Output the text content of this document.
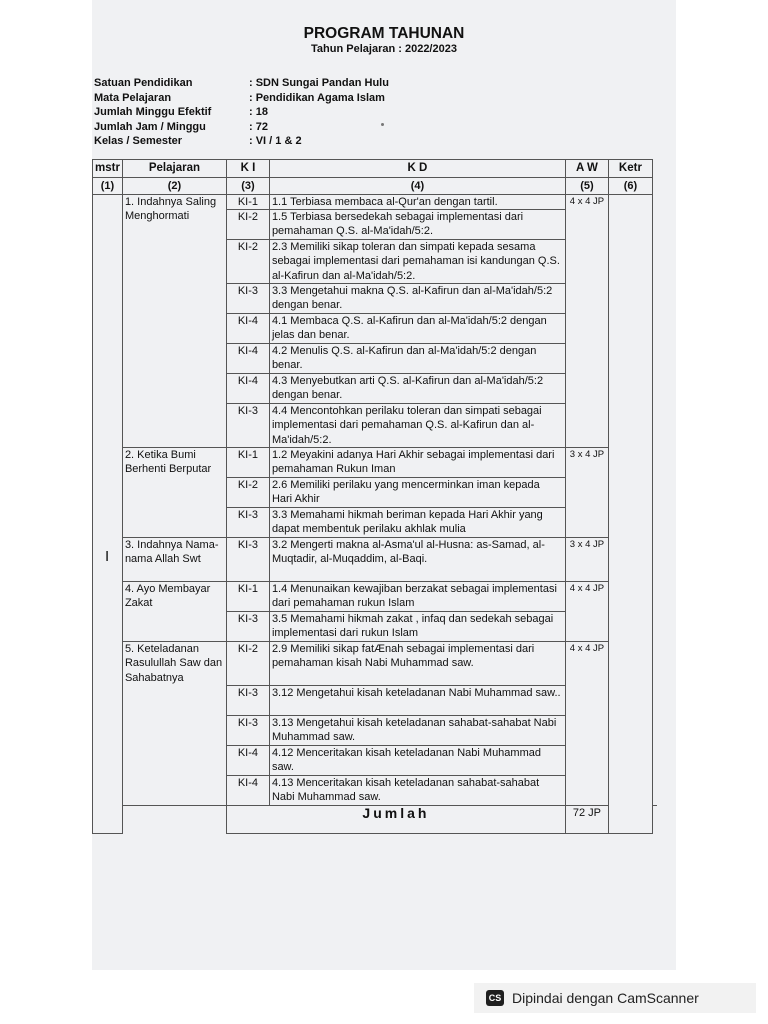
PROGRAM TAHUNAN
Tahun Pelajaran : 2022/2023
Satuan Pendidikan	: SDN Sungai Pandan Hulu
Mata Pelajaran	: Pendidikan Agama Islam
Jumlah Minggu Efektif	: 18
Jumlah Jam / Minggu	: 72
Kelas / Semester	: VI / 1 & 2
mstr	Pelajaran	K I	K D	A W	Ketr	
(1)	(2)	(3)	(4)	(5)	(6)	
	1. Indahnya Saling Menghormati	KI-1	1.1 Terbiasa membaca al-Qur'an dengan tartil.	4 x 4 JP		
		KI-2	1.5 Terbiasa bersedekah sebagai implementasi dari pemahaman Q.S. al-Ma'idah/5:2.			
		KI-2	2.3 Memiliki sikap toleran dan simpati kepada sesama sebagai implementasi dari pemahaman isi kandungan Q.S. al-Kafirun dan al-Ma'idah/5:2.			
		KI-3	3.3 Mengetahui makna Q.S. al-Kafirun dan al-Ma'idah/5:2 dengan benar.			
		KI-4	4.1 Membaca Q.S. al-Kafirun dan al-Ma'idah/5:2 dengan jelas dan benar.			
		KI-4	4.2 Menulis Q.S. al-Kafirun dan al-Ma'idah/5:2 dengan benar.			
		KI-4	4.3 Menyebutkan arti Q.S. al-Kafirun dan al-Ma'idah/5:2 dengan benar.			
		KI-3	4.4 Mencontohkan perilaku toleran dan simpati sebagai implementasi dari pemahaman Q.S. al-Kafirun dan al-Ma'idah/5:2.			
	2. Ketika Bumi Berhenti Berputar	KI-1	1.2 Meyakini adanya Hari Akhir sebagai implementasi dari pemahaman Rukun Iman	3 x 4 JP		
		KI-2	2.6 Memiliki perilaku yang mencerminkan iman kepada Hari Akhir			
		KI-3	3.3 Memahami hikmah beriman kepada Hari Akhir yang dapat membentuk perilaku akhlak mulia			
	3. Indahnya Nama-nama Allah Swt	KI-3	3.2 Mengerti makna al-Asma'ul al-Husna: as-Samad, al-Muqtadir, al-Muqaddim, al-Baqi.	3 x 4 JP		
	4. Ayo Membayar Zakat	KI-1	1.4 Menunaikan kewajiban berzakat sebagai implementasi dari pemahaman rukun Islam	4 x 4 JP		
		KI-3	3.5 Memahami hikmah zakat , infaq dan sedekah sebagai implementasi dari rukun Islam			
	5. Keteladanan Rasulullah Saw dan Sahabatnya	KI-2	2.9 Memiliki sikap fatÆnah sebagai implementasi dari pemahaman kisah Nabi Muhammad saw.	4 x 4 JP		
		KI-3	3.12 Mengetahui kisah keteladanan Nabi Muhammad saw..			
		KI-3	3.13 Mengetahui kisah keteladanan sahabat-sahabat Nabi Muhammad saw.			
		KI-4	4.12 Menceritakan kisah keteladanan Nabi Muhammad saw.			
		KI-4	4.13 Menceritakan kisah keteladanan sahabat-sahabat Nabi Muhammad saw.			
		Jumlah		72 JP		
I
CS Dipindai dengan CamScanner
